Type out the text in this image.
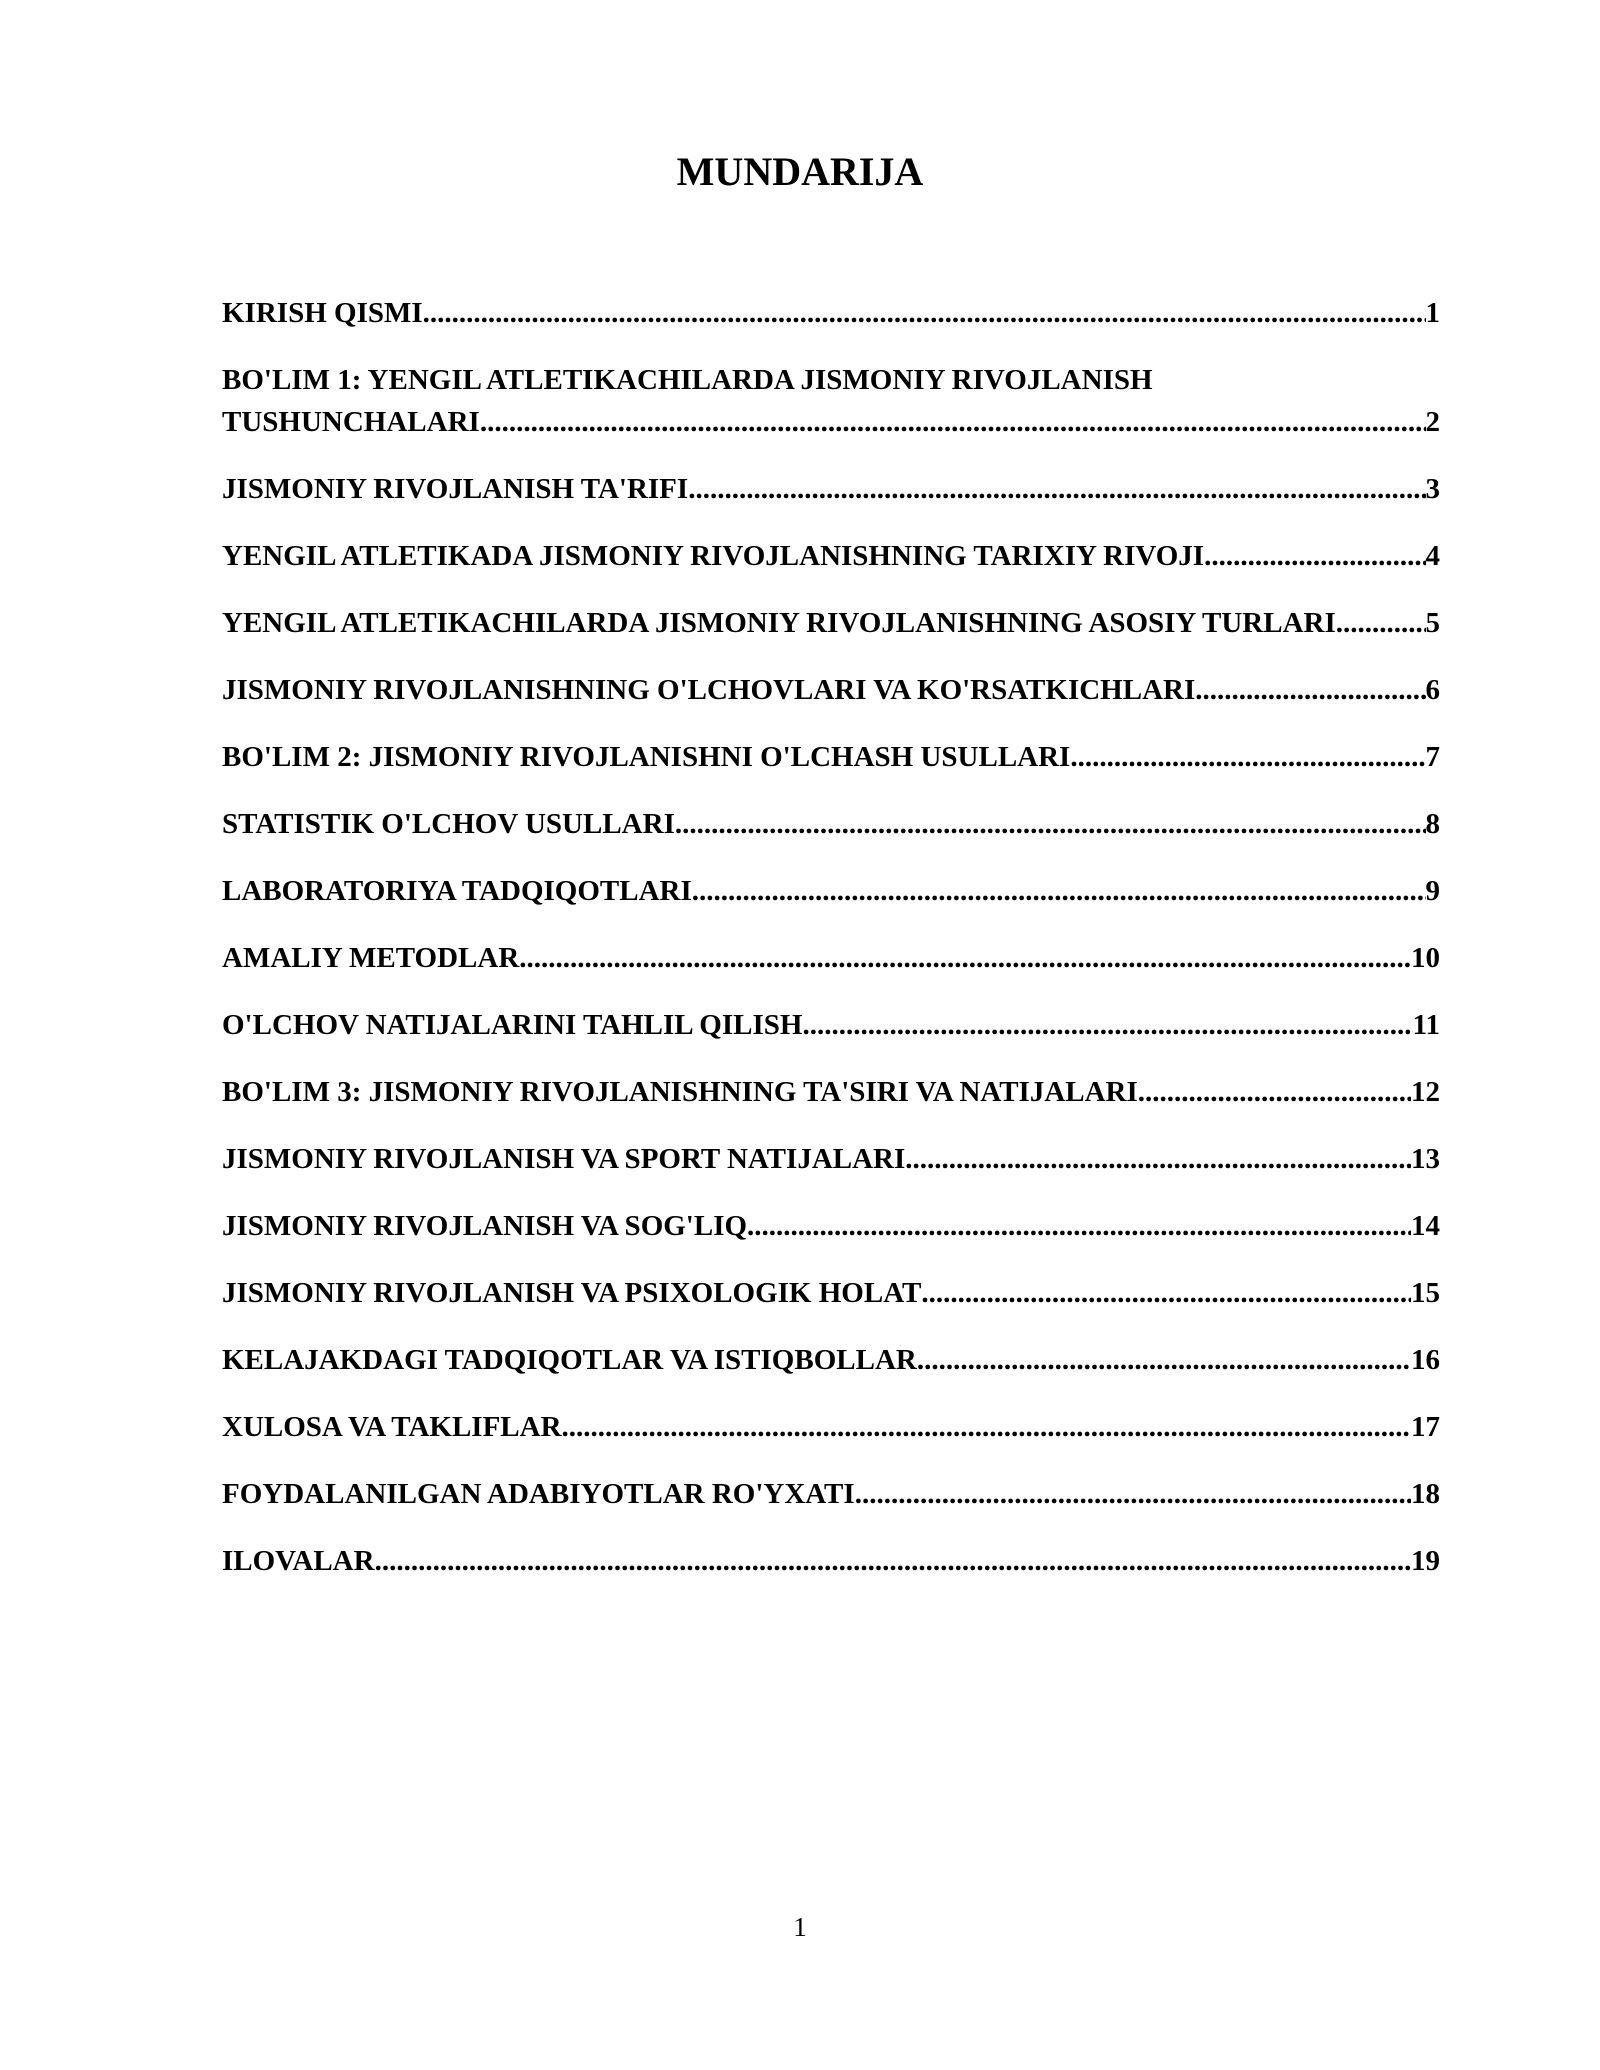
MUNDARIJA
KIRISH QISMI .....	1
BO'LIM 1: YENGIL ATLETIKACHILARDA JISMONIY RIVOJLANISH
TUSHUNCHALARI .....	2
JISMONIY RIVOJLANISH TA'RIFI .....	3
YENGIL ATLETIKADA JISMONIY RIVOJLANISHNING TARIXIY RIVOJI .....	4
YENGIL ATLETIKACHILARDA JISMONIY RIVOJLANISHNING ASOSIY TURLARI .....	5
JISMONIY RIVOJLANISHNING O'LCHOVLARI VA KO'RSATKICHLARI .....	6
BO'LIM 2: JISMONIY RIVOJLANISHNI O'LCHASH USULLARI .....	7
STATISTIK O'LCHOV USULLARI .....	8
LABORATORIYA TADQIQOTLARI .....	9
AMALIY METODLAR .....	10
O'LCHOV NATIJALARINI TAHLIL QILISH .....	11
BO'LIM 3: JISMONIY RIVOJLANISHNING TA'SIRI VA NATIJALARI .....	12
JISMONIY RIVOJLANISH VA SPORT NATIJALARI .....	13
JISMONIY RIVOJLANISH VA SOG'LIQ .....	14
JISMONIY RIVOJLANISH VA PSIXOLOGIK HOLAT .....	15
KELAJAKDAGI TADQIQOTLAR VA ISTIQBOLLAR .....	16
XULOSA VA TAKLIFLAR .....	17
FOYDALANILGAN ADABIYOTLAR RO'YXATI .....	18
ILOVALAR .....	19
1
